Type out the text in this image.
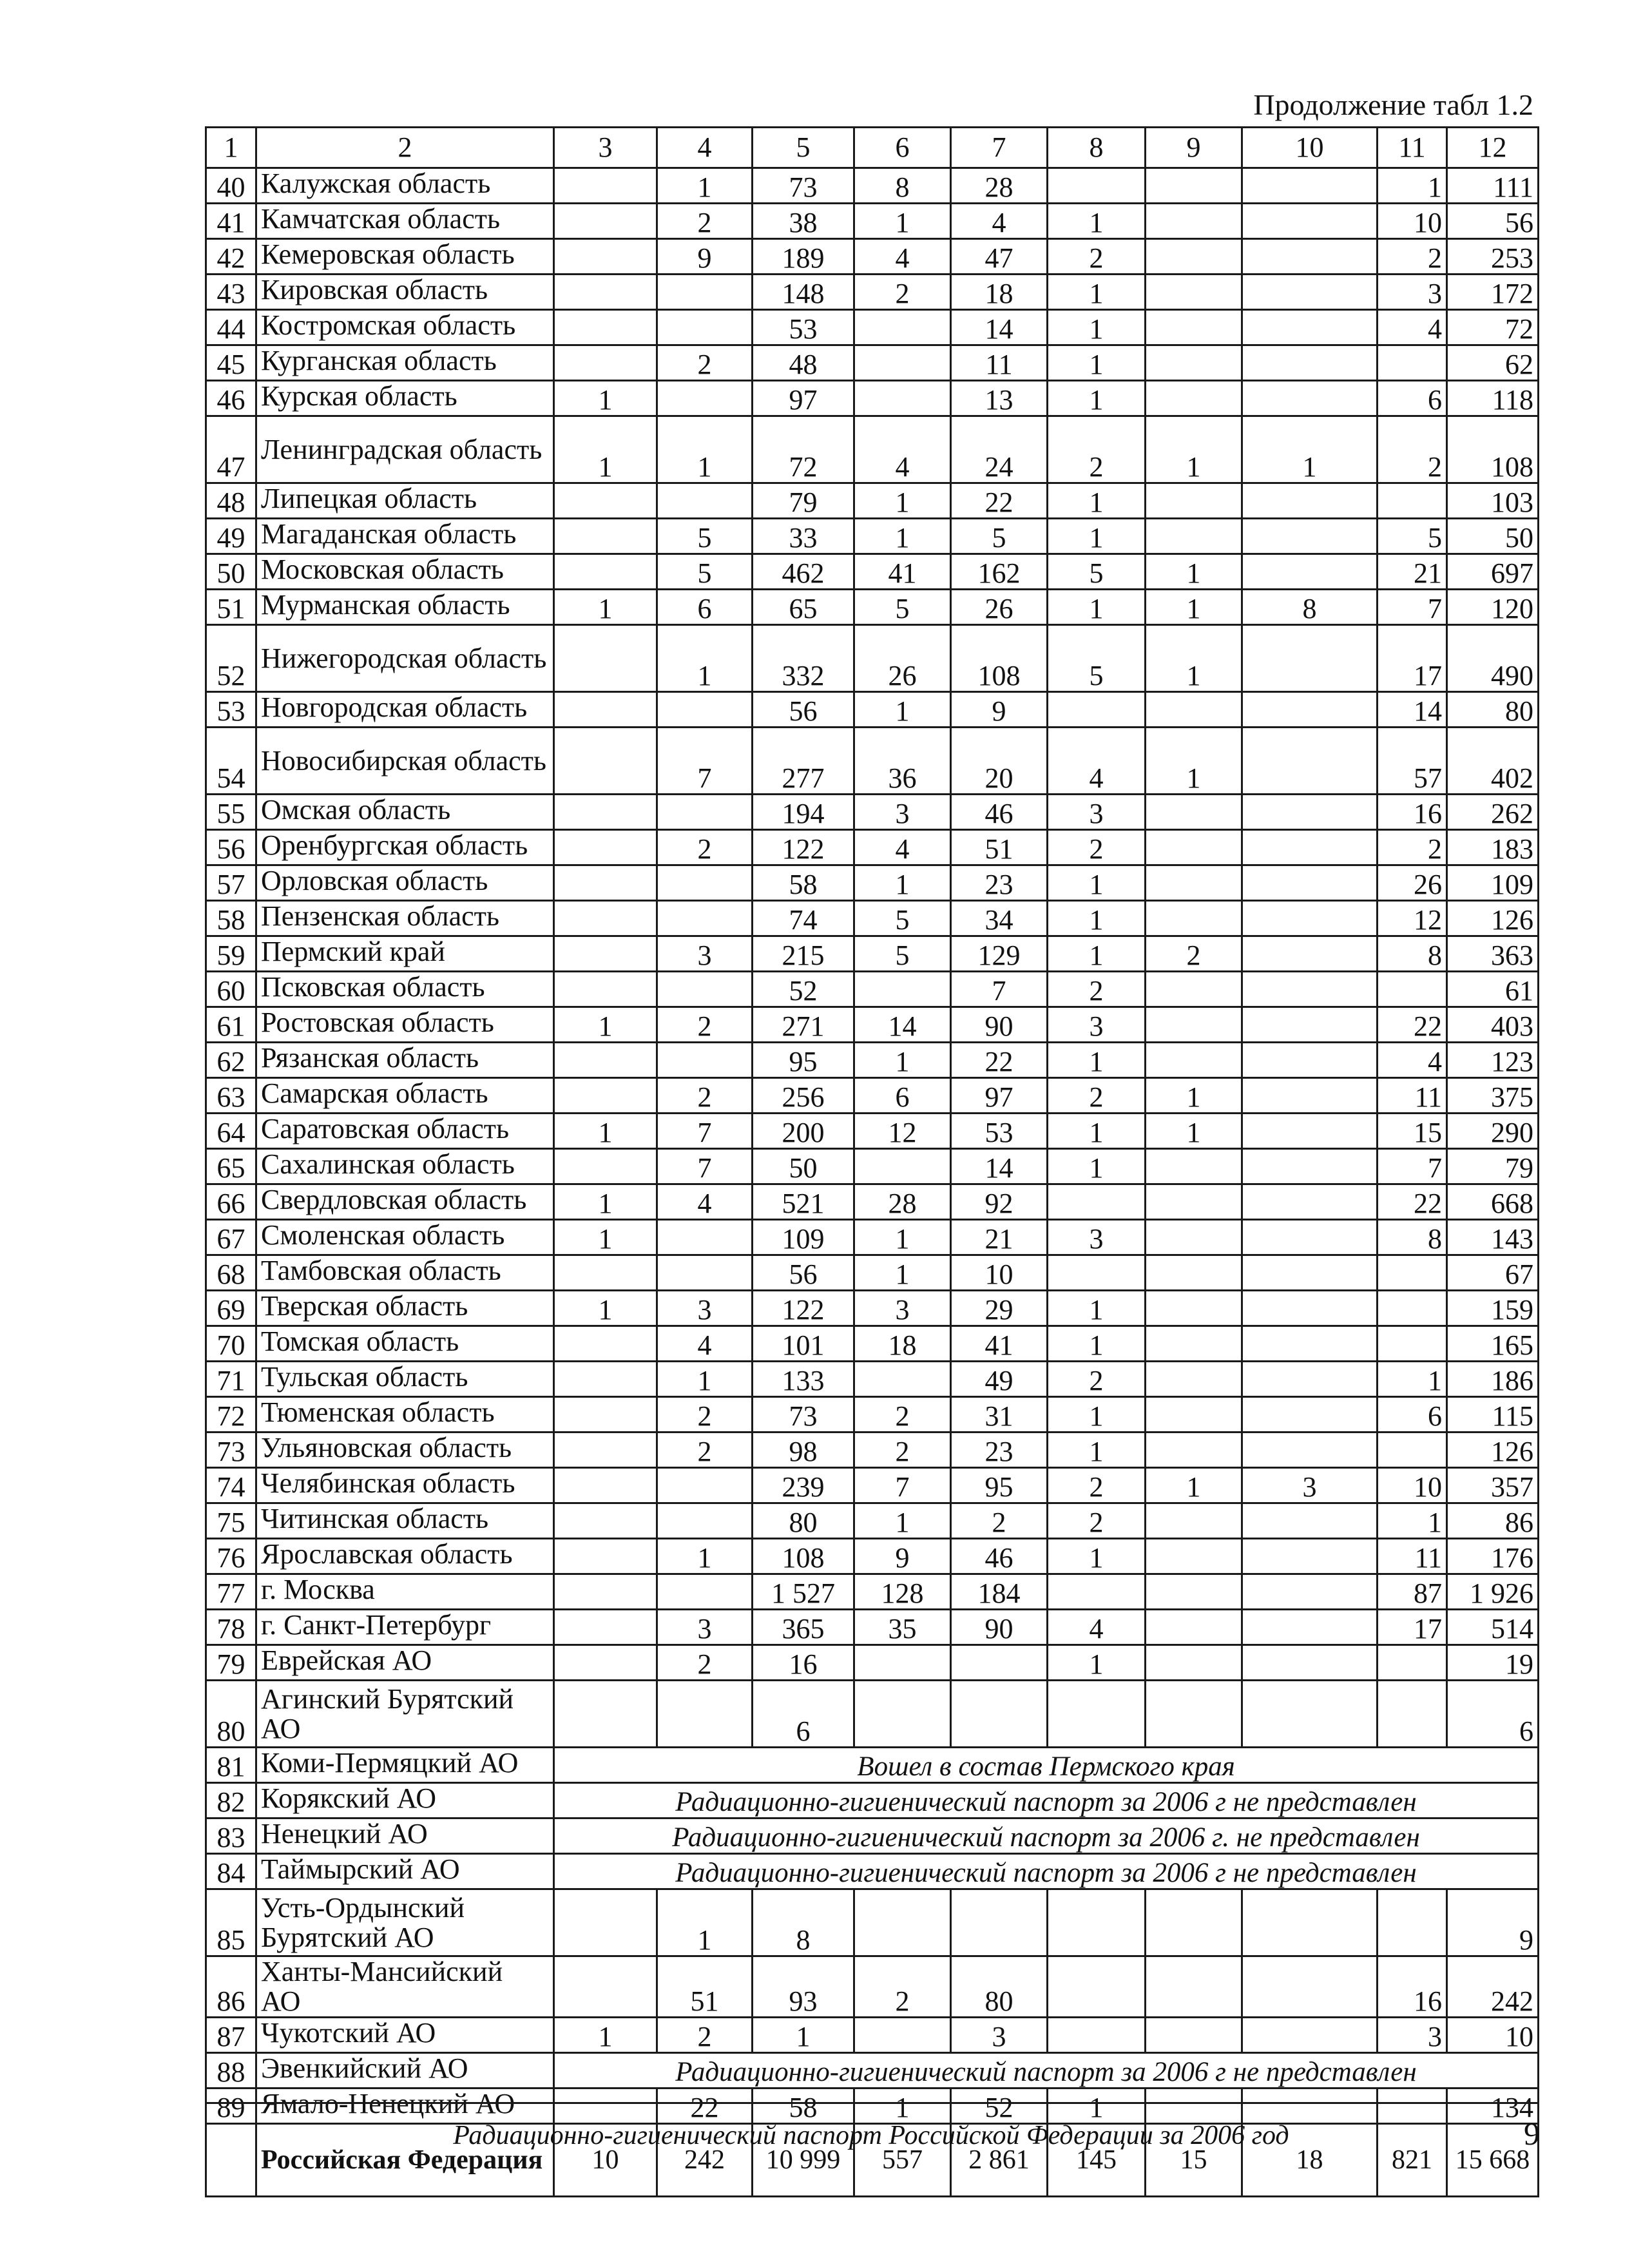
Продолжение табл 1.2
1	2	3	4	5	6	7	8	9	10	11	12
40	Калужская область		1	73	8	28				1	111
41	Камчатская область		2	38	1	4	1			10	56
42	Кемеровская область		9	189	4	47	2			2	253
43	Кировская область			148	2	18	1			3	172
44	Костромская область			53		14	1			4	72
45	Курганская область		2	48		11	1				62
46	Курская область	1		97		13	1			6	118
47	Ленинградская область	1	1	72	4	24	2	1	1	2	108
48	Липецкая область			79	1	22	1				103
49	Магаданская область		5	33	1	5	1			5	50
50	Московская область		5	462	41	162	5	1		21	697
51	Мурманская область	1	6	65	5	26	1	1	8	7	120
52	Нижегородская область		1	332	26	108	5	1		17	490
53	Новгородская область			56	1	9				14	80
54	Новосибирская область		7	277	36	20	4	1		57	402
55	Омская область			194	3	46	3			16	262
56	Оренбургская область		2	122	4	51	2			2	183
57	Орловская область			58	1	23	1			26	109
58	Пензенская область			74	5	34	1			12	126
59	Пермский край		3	215	5	129	1	2		8	363
60	Псковская область			52		7	2				61
61	Ростовская область	1	2	271	14	90	3			22	403
62	Рязанская область			95	1	22	1			4	123
63	Самарская область		2	256	6	97	2	1		11	375
64	Саратовская область	1	7	200	12	53	1	1		15	290
65	Сахалинская область		7	50		14	1			7	79
66	Свердловская область	1	4	521	28	92				22	668
67	Смоленская область	1		109	1	21	3			8	143
68	Тамбовская область			56	1	10					67
69	Тверская область	1	3	122	3	29	1				159
70	Томская область		4	101	18	41	1				165
71	Тульская область		1	133		49	2			1	186
72	Тюменская область		2	73	2	31	1			6	115
73	Ульяновская область		2	98	2	23	1				126
74	Челябинская область			239	7	95	2	1	3	10	357
75	Читинская область			80	1	2	2			1	86
76	Ярославская область		1	108	9	46	1			11	176
77	г. Москва			1 527	128	184				87	1 926
78	г. Санкт-Петербург		3	365	35	90	4			17	514
79	Еврейская АО		2	16			1				19
80	Агинский Бурятский АО			6							6
81	Коми-Пермяцкий АО	Вошел в состав Пермского края									
82	Корякский АО	Радиационно-гигиенический паспорт за 2006 г не представлен									
83	Ненецкий АО	Радиационно-гигиенический паспорт за 2006 г. не представлен									
84	Таймырский АО	Радиационно-гигиенический паспорт за 2006 г не представлен									
85	Усть-Ордынский Бурятский АО		1	8							9
86	Ханты-Мансийский АО		51	93	2	80				16	242
87	Чукотский АО	1	2	1		3				3	10
88	Эвенкийский АО	Радиационно-гигиенический паспорт за 2006 г не представлен									
89	Ямало-Ненецкий АО		22	58	1	52	1				134
	Российская Федерация	10	242	10 999	557	2 861	145	15	18	821	15 668
Радиационно-гигиенический паспорт Российской Федерации за 2006 год	9
